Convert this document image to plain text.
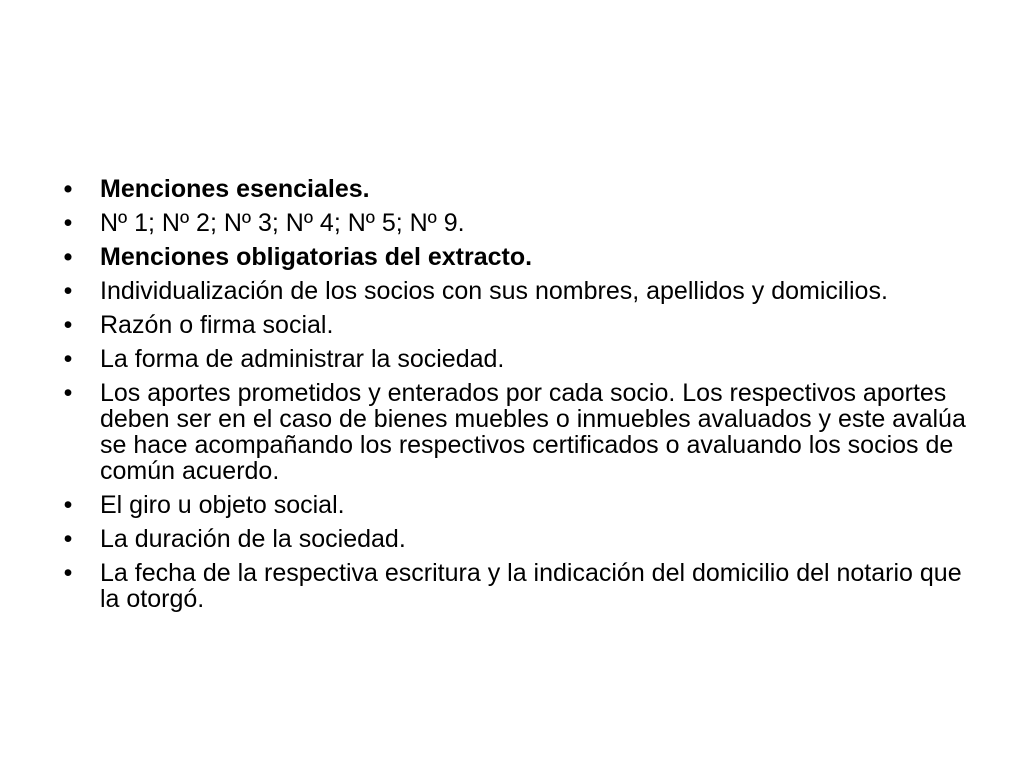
• Menciones esenciales.
• Nº 1; Nº 2; Nº 3; Nº 4; Nº 5; Nº 9.
• Menciones obligatorias del extracto.
• Individualización de los socios con sus nombres, apellidos y domicilios.
• Razón o firma social.
• La forma de administrar la sociedad.
• Los aportes prometidos y enterados por cada socio. Los respectivos aportes deben ser en el caso de bienes muebles o inmuebles avaluados y este avalúa se hace acompañando los respectivos certificados o avaluando los socios de común acuerdo.
• El giro u objeto social.
• La duración de la sociedad.
• La fecha de la respectiva escritura y la indicación del domicilio del notario que la otorgó.
